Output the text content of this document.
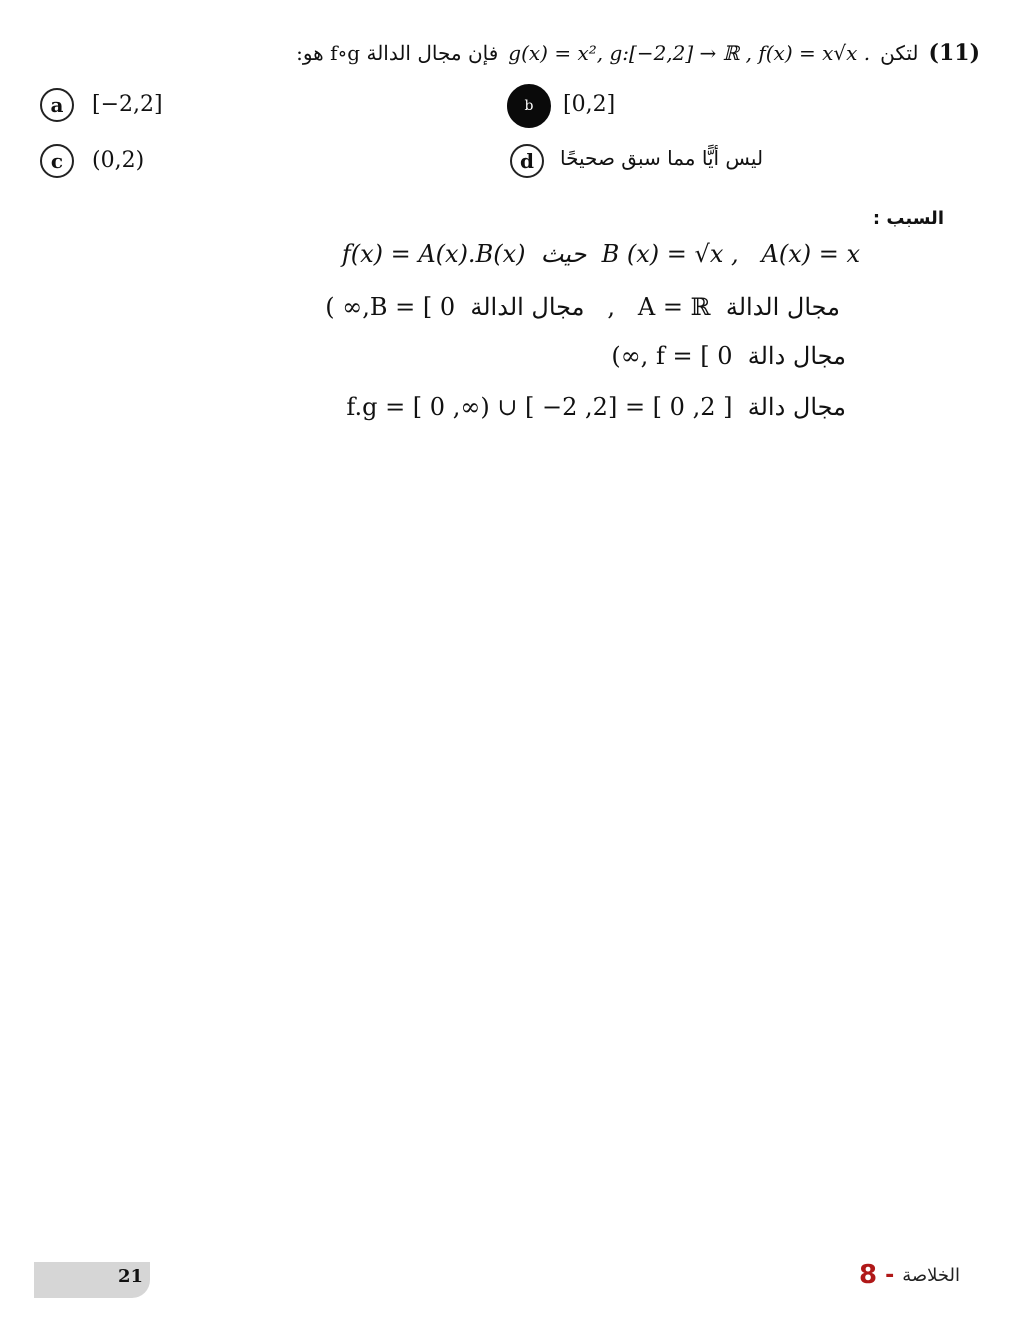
(11)
لتكن
g(x) = x², g:[−2,2] → ℝ , f(x) = x√x .
فإن مجال الدالة f∘g هو:
a [−2,2]	b [0,2]
c (0,2)	d ليس أيًّا مما سبق صحيحًا
السبب :
f(x) = A(x).B(x)  حيث  B (x) = √x ,   A(x) = x
مجال الدالة  A = ℝ   ,   مجال الدالة  B = [ 0,∞ )
مجال دالة  f = [ 0 ,∞)
مجال دالة  f.g = [ 0 ,∞) ∪ [ −2 ,2] = [ 0 ,2 ]
21	الخلاصة
-
8
